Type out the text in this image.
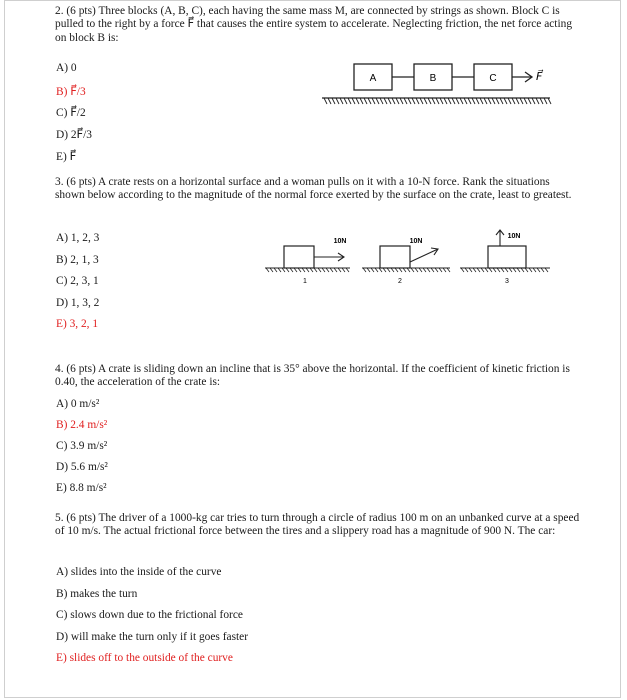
2. (6 pts) Three blocks (A, B, C), each having the same mass M, are connected by strings as shown. Block C is pulled to the right by a force F⃗ that causes the entire system to accelerate. Neglecting friction, the net force acting on block B is:
A) 0
B) F⃗/3
C) F⃗/2
D) 2F⃗/3
E) F⃗
A	B	C	F⃗
3. (6 pts) A crate rests on a horizontal surface and a woman pulls on it with a 10-N force. Rank the situations shown below according to the magnitude of the normal force exerted by the surface on the crate, least to greatest.
A) 1, 2, 3
B) 2, 1, 3
C) 2, 3, 1
D) 1, 3, 2
E) 3, 2, 1
10N
1
10N
2
10N
3
4. (6 pts) A crate is sliding down an incline that is 35° above the horizontal. If the coefficient of kinetic friction is 0.40, the acceleration of the crate is:
A) 0 m/s²
B) 2.4 m/s²
C) 3.9 m/s²
D) 5.6 m/s²
E) 8.8 m/s²
5. (6 pts) The driver of a 1000-kg car tries to turn through a circle of radius 100 m on an unbanked curve at a speed of 10 m/s. The actual frictional force between the tires and a slippery road has a magnitude of 900 N. The car:
A) slides into the inside of the curve
B) makes the turn
C) slows down due to the frictional force
D) will make the turn only if it goes faster
E) slides off to the outside of the curve
